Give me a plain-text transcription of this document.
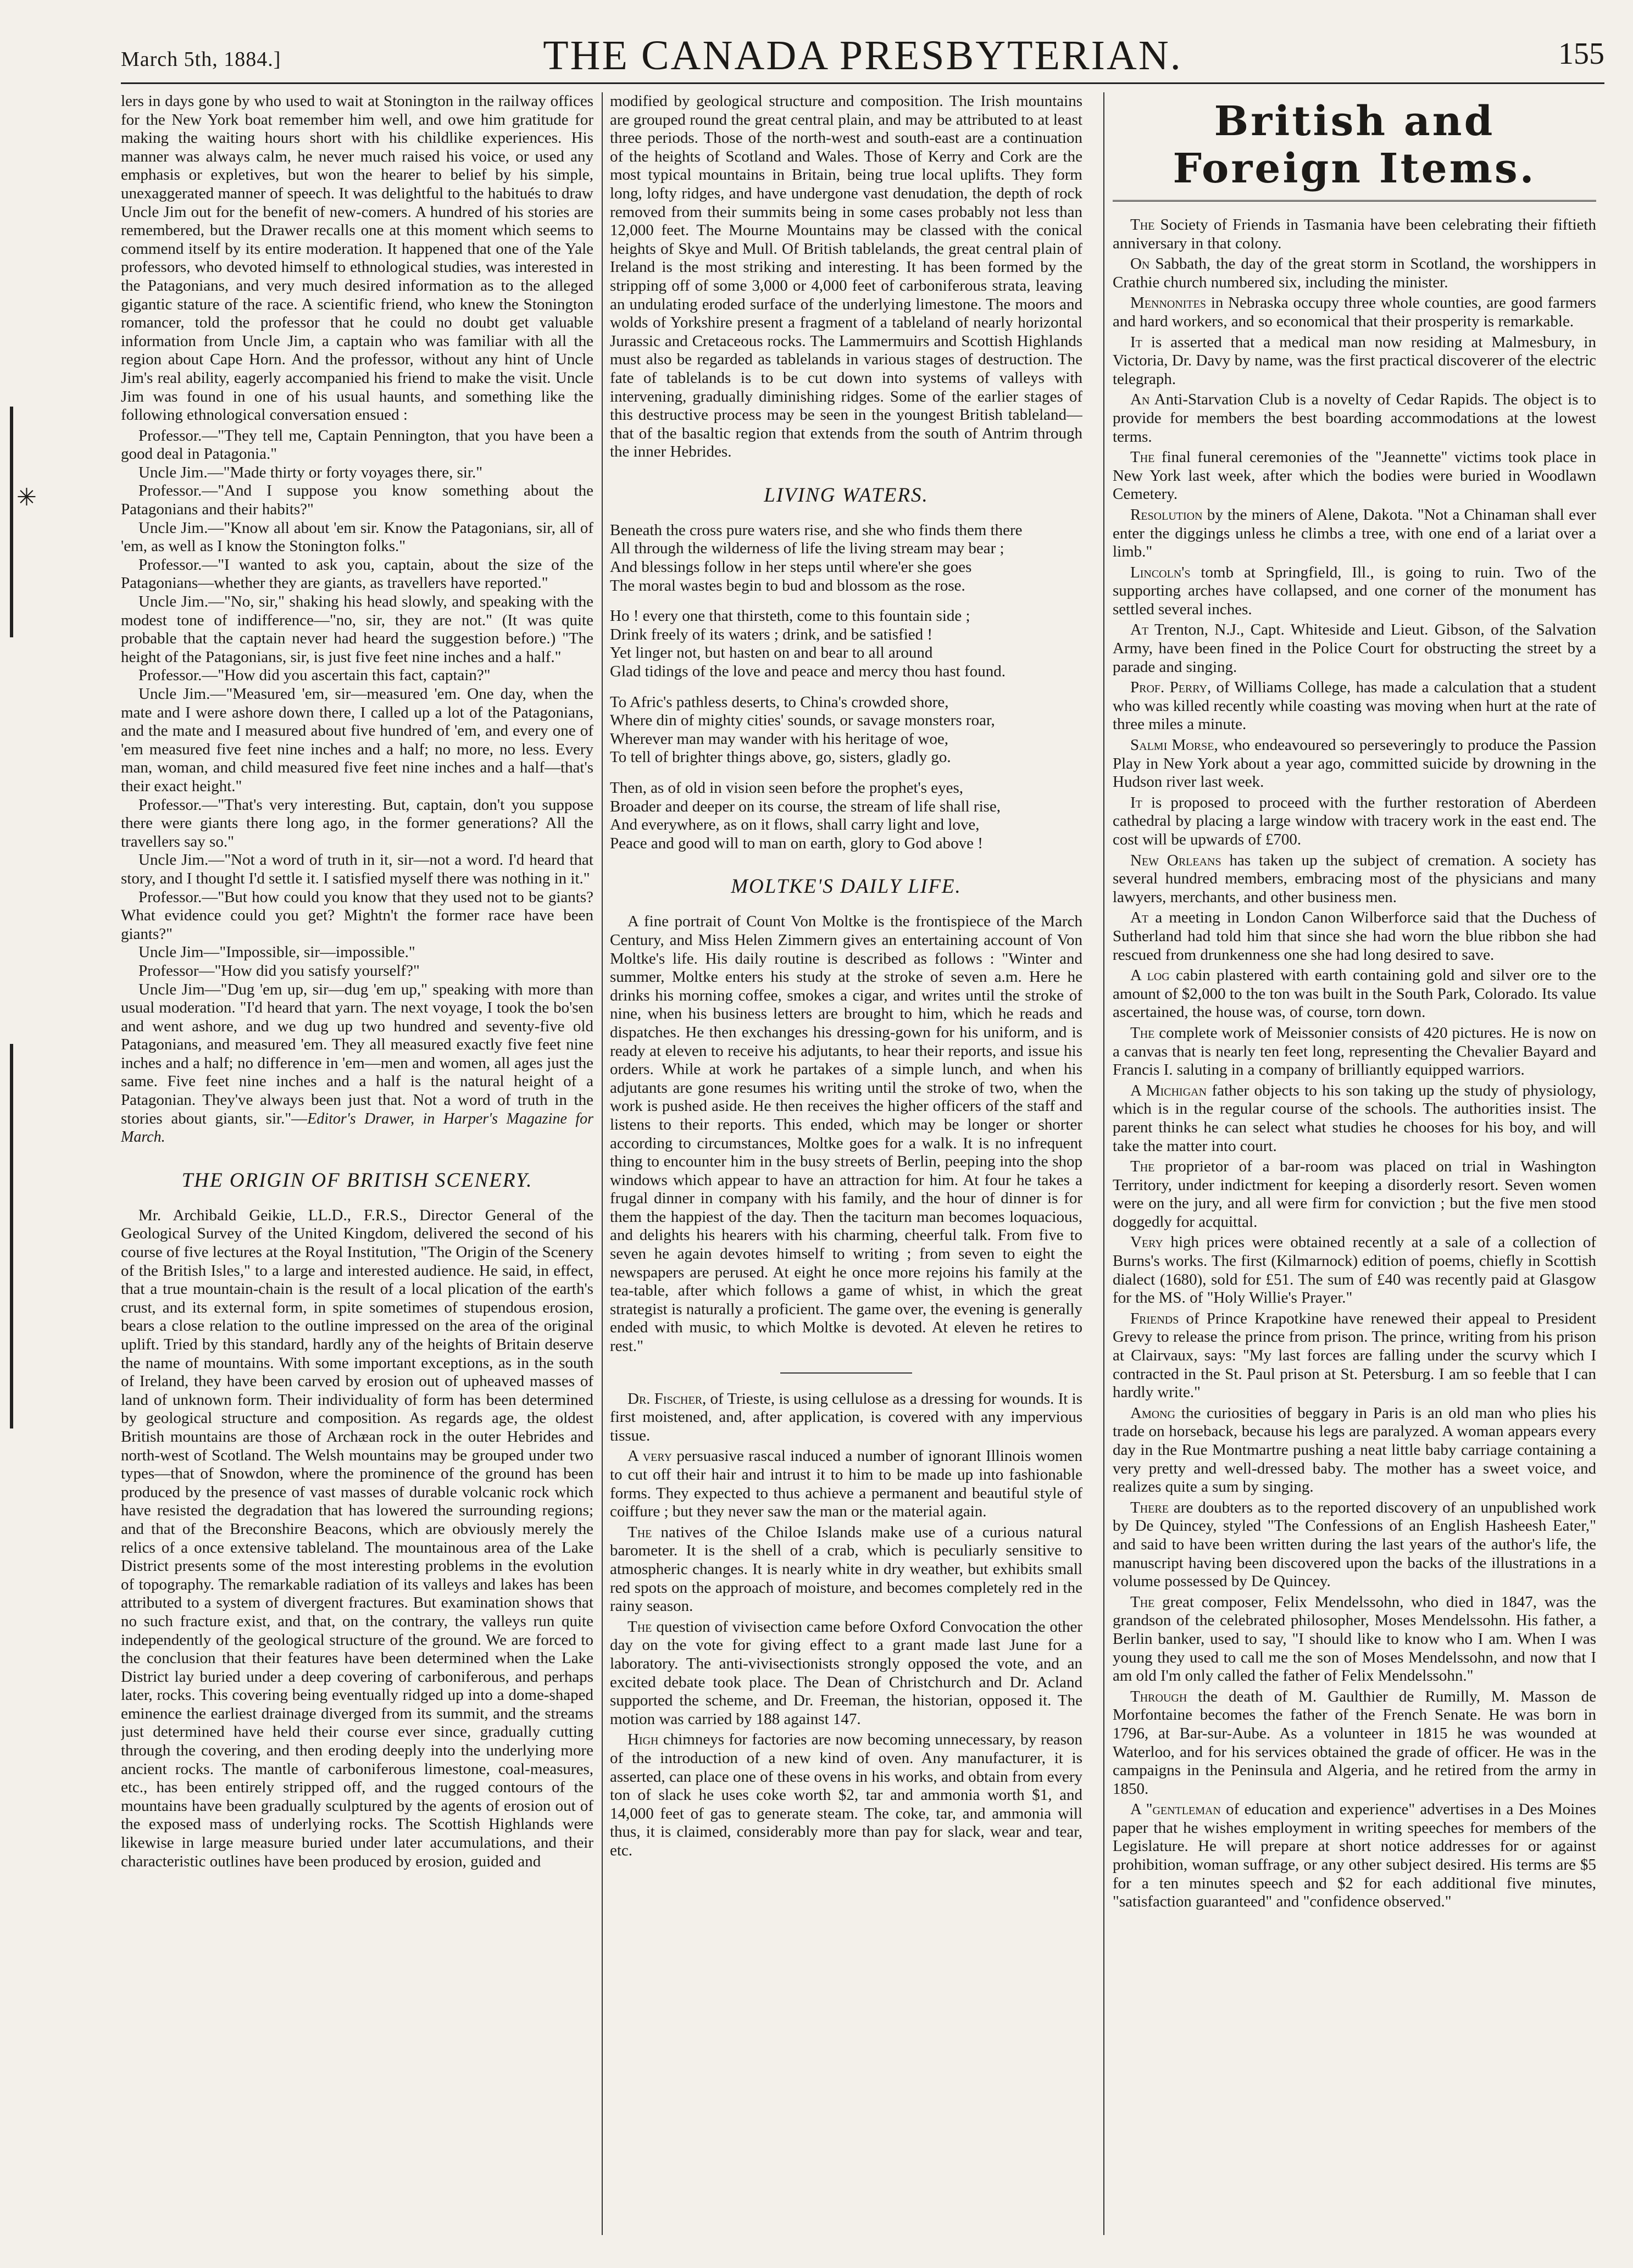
March 5th, 1884.]	THE CANADA PRESBYTERIAN.	155
✳

lers in days gone by who used to wait at Stonington in the railway offices for the New York boat remember him well, and owe him gratitude for making the waiting hours short with his childlike experiences. His manner was always calm, he never much raised his voice, or used any emphasis or expletives, but won the hearer to belief by his simple, unexaggerated manner of speech. It was delightful to the habitués to draw Uncle Jim out for the benefit of new-comers. A hundred of his stories are remembered, but the Drawer recalls one at this moment which seems to commend itself by its entire moderation. It happened that one of the Yale professors, who devoted himself to ethnological studies, was interested in the Patagonians, and very much desired information as to the alleged gigantic stature of the race. A scientific friend, who knew the Stonington romancer, told the professor that he could no doubt get valuable information from Uncle Jim, a captain who was familiar with all the region about Cape Horn. And the professor, without any hint of Uncle Jim's real ability, eagerly accompanied his friend to make the visit. Uncle Jim was found in one of his usual haunts, and something like the following ethnological conversation ensued :

Professor.—"They tell me, Captain Pennington, that you have been a good deal in Patagonia."
Uncle Jim.—"Made thirty or forty voyages there, sir."
Professor.—"And I suppose you know something about the Patagonians and their habits?"
Uncle Jim.—"Know all about 'em sir. Know the Patagonians, sir, all of 'em, as well as I know the Stonington folks."
Professor.—"I wanted to ask you, captain, about the size of the Patagonians—whether they are giants, as travellers have reported."
Uncle Jim.—"No, sir," shaking his head slowly, and speaking with the modest tone of indifference—"no, sir, they are not." (It was quite probable that the captain never had heard the suggestion before.) "The height of the Patagonians, sir, is just five feet nine inches and a half."
Professor.—"How did you ascertain this fact, captain?"
Uncle Jim.—"Measured 'em, sir—measured 'em. One day, when the mate and I were ashore down there, I called up a lot of the Patagonians, and the mate and I measured about five hundred of 'em, and every one of 'em measured five feet nine inches and a half; no more, no less. Every man, woman, and child measured five feet nine inches and a half—that's their exact height."
Professor.—"That's very interesting. But, captain, don't you suppose there were giants there long ago, in the former generations? All the travellers say so."
Uncle Jim.—"Not a word of truth in it, sir—not a word. I'd heard that story, and I thought I'd settle it. I satisfied myself there was nothing in it."
Professor.—"But how could you know that they used not to be giants? What evidence could you get? Mightn't the former race have been giants?"
Uncle Jim—"Impossible, sir—impossible."
Professor—"How did you satisfy yourself?"
Uncle Jim—"Dug 'em up, sir—dug 'em up," speaking with more than usual moderation. "I'd heard that yarn. The next voyage, I took the bo'sen and went ashore, and we dug up two hundred and seventy-five old Patagonians, and measured 'em. They all measured exactly five feet nine inches and a half; no difference in 'em—men and women, all ages just the same. Five feet nine inches and a half is the natural height of a Patagonian. They've always been just that. Not a word of truth in the stories about giants, sir."—Editor's Drawer, in Harper's Magazine for March.
THE ORIGIN OF BRITISH SCENERY.

Mr. Archibald Geikie, LL.D., F.R.S., Director General of the Geological Survey of the United Kingdom, delivered the second of his course of five lectures at the Royal Institution, "The Origin of the Scenery of the British Isles," to a large and interested audience. He said, in effect, that a true mountain-chain is the result of a local plication of the earth's crust, and its external form, in spite sometimes of stupendous erosion, bears a close relation to the outline impressed on the area of the original uplift. Tried by this standard, hardly any of the heights of Britain deserve the name of mountains. With some important exceptions, as in the south of Ireland, they have been carved by erosion out of upheaved masses of land of unknown form. Their individuality of form has been determined by geological structure and composition. As regards age, the oldest British mountains are those of Archæan rock in the outer Hebrides and north-west of Scotland. The Welsh mountains may be grouped under two types—that of Snowdon, where the prominence of the ground has been produced by the presence of vast masses of durable volcanic rock which have resisted the degradation that has lowered the surrounding regions; and that of the Breconshire Beacons, which are obviously merely the relics of a once extensive tableland. The mountainous area of the Lake District presents some of the most interesting problems in the evolution of topography. The remarkable radiation of its valleys and lakes has been attributed to a system of divergent fractures. But examination shows that no such fracture exist, and that, on the contrary, the valleys run quite independently of the geological structure of the ground. We are forced to the conclusion that their features have been determined when the Lake District lay buried under a deep covering of carboniferous, and perhaps later, rocks. This covering being eventually ridged up into a dome-shaped eminence the earliest drainage diverged from its summit, and the streams just determined have held their course ever since, gradually cutting through the covering, and then eroding deeply into the underlying more ancient rocks. The mantle of carboniferous limestone, coal-measures, etc., has been entirely stripped off, and the rugged contours of the mountains have been gradually sculptured by the agents of erosion out of the exposed mass of underlying rocks. The Scottish Highlands were likewise in large measure buried under later accumulations, and their characteristic outlines have been produced by erosion, guided and

modified by geological structure and composition. The Irish mountains are grouped round the great central plain, and may be attributed to at least three periods. Those of the north-west and south-east are a continuation of the heights of Scotland and Wales. Those of Kerry and Cork are the most typical mountains in Britain, being true local uplifts. They form long, lofty ridges, and have undergone vast denudation, the depth of rock removed from their summits being in some cases probably not less than 12,000 feet. The Mourne Mountains may be classed with the conical heights of Skye and Mull. Of British tablelands, the great central plain of Ireland is the most striking and interesting. It has been formed by the stripping off of some 3,000 or 4,000 feet of carboniferous strata, leaving an undulating eroded surface of the underlying limestone. The moors and wolds of Yorkshire present a fragment of a tableland of nearly horizontal Jurassic and Cretaceous rocks. The Lammermuirs and Scottish Highlands must also be regarded as tablelands in various stages of destruction. The fate of tablelands is to be cut down into systems of valleys with intervening, gradually diminishing ridges. Some of the earlier stages of this destructive process may be seen in the youngest British tableland—that of the basaltic region that extends from the south of Antrim through the inner Hebrides.

LIVING WATERS.
Beneath the cross pure waters rise, and she who finds them there
All through the wilderness of life the living stream may bear ;
And blessings follow in her steps until where'er she goes
The moral wastes begin to bud and blossom as the rose.
Ho ! every one that thirsteth, come to this fountain side ;
Drink freely of its waters ; drink, and be satisfied !
Yet linger not, but hasten on and bear to all around
Glad tidings of the love and peace and mercy thou hast found.
To Afric's pathless deserts, to China's crowded shore,
Where din of mighty cities' sounds, or savage monsters roar,
Wherever man may wander with his heritage of woe,
To tell of brighter things above, go, sisters, gladly go.
Then, as of old in vision seen before the prophet's eyes,
Broader and deeper on its course, the stream of life shall rise,
And everywhere, as on it flows, shall carry light and love,
Peace and good will to man on earth, glory to God above !
MOLTKE'S DAILY LIFE.

A fine portrait of Count Von Moltke is the frontispiece of the March Century, and Miss Helen Zimmern gives an entertaining account of Von Moltke's life. His daily routine is described as follows : "Winter and summer, Moltke enters his study at the stroke of seven a.m. Here he drinks his morning coffee, smokes a cigar, and writes until the stroke of nine, when his business letters are brought to him, which he reads and dispatches. He then exchanges his dressing-gown for his uniform, and is ready at eleven to receive his adjutants, to hear their reports, and issue his orders. While at work he partakes of a simple lunch, and when his adjutants are gone resumes his writing until the stroke of two, when the work is pushed aside. He then receives the higher officers of the staff and listens to their reports. This ended, which may be longer or shorter according to circumstances, Moltke goes for a walk. It is no infrequent thing to encounter him in the busy streets of Berlin, peeping into the shop windows which appear to have an attraction for him. At four he takes a frugal dinner in company with his family, and the hour of dinner is for them the happiest of the day. Then the taciturn man becomes loquacious, and delights his hearers with his charming, cheerful talk. From five to seven he again devotes himself to writing ; from seven to eight the newspapers are perused. At eight he once more rejoins his family at the tea-table, after which follows a game of whist, in which the great strategist is naturally a proficient. The game over, the evening is generally ended with music, to which Moltke is devoted. At eleven he retires to rest."

Dr. Fischer, of Trieste, is using cellulose as a dressing for wounds. It is first moistened, and, after application, is covered with any impervious tissue.

A very persuasive rascal induced a number of ignorant Illinois women to cut off their hair and intrust it to him to be made up into fashionable forms. They expected to thus achieve a permanent and beautiful style of coiffure ; but they never saw the man or the material again.

The natives of the Chiloe Islands make use of a curious natural barometer. It is the shell of a crab, which is peculiarly sensitive to atmospheric changes. It is nearly white in dry weather, but exhibits small red spots on the approach of moisture, and becomes completely red in the rainy season.

The question of vivisection came before Oxford Convocation the other day on the vote for giving effect to a grant made last June for a laboratory. The anti-vivisectionists strongly opposed the vote, and an excited debate took place. The Dean of Christchurch and Dr. Acland supported the scheme, and Dr. Freeman, the historian, opposed it. The motion was carried by 188 against 147.

High chimneys for factories are now becoming unnecessary, by reason of the introduction of a new kind of oven. Any manufacturer, it is asserted, can place one of these ovens in his works, and obtain from every ton of slack he uses coke worth $2, tar and ammonia worth $1, and 14,000 feet of gas to generate steam. The coke, tar, and ammonia will thus, it is claimed, considerably more than pay for slack, wear and tear, etc.

British and Foreign Items.

The Society of Friends in Tasmania have been celebrating their fiftieth anniversary in that colony.

On Sabbath, the day of the great storm in Scotland, the worshippers in Crathie church numbered six, including the minister.

Mennonites in Nebraska occupy three whole counties, are good farmers and hard workers, and so economical that their prosperity is remarkable.

It is asserted that a medical man now residing at Malmesbury, in Victoria, Dr. Davy by name, was the first practical discoverer of the electric telegraph.

An Anti-Starvation Club is a novelty of Cedar Rapids. The object is to provide for members the best boarding accommodations at the lowest terms.

The final funeral ceremonies of the "Jeannette" victims took place in New York last week, after which the bodies were buried in Woodlawn Cemetery.

Resolution by the miners of Alene, Dakota. "Not a Chinaman shall ever enter the diggings unless he climbs a tree, with one end of a lariat over a limb."

Lincoln's tomb at Springfield, Ill., is going to ruin. Two of the supporting arches have collapsed, and one corner of the monument has settled several inches.

At Trenton, N.J., Capt. Whiteside and Lieut. Gibson, of the Salvation Army, have been fined in the Police Court for obstructing the street by a parade and singing.

Prof. Perry, of Williams College, has made a calculation that a student who was killed recently while coasting was moving when hurt at the rate of three miles a minute.

Salmi Morse, who endeavoured so perseveringly to produce the Passion Play in New York about a year ago, committed suicide by drowning in the Hudson river last week.

It is proposed to proceed with the further restoration of Aberdeen cathedral by placing a large window with tracery work in the east end. The cost will be upwards of £700.

New Orleans has taken up the subject of cremation. A society has several hundred members, embracing most of the physicians and many lawyers, merchants, and other business men.

At a meeting in London Canon Wilberforce said that the Duchess of Sutherland had told him that since she had worn the blue ribbon she had rescued from drunkenness one she had long desired to save.

A log cabin plastered with earth containing gold and silver ore to the amount of $2,000 to the ton was built in the South Park, Colorado. Its value ascertained, the house was, of course, torn down.

The complete work of Meissonier consists of 420 pictures. He is now on a canvas that is nearly ten feet long, representing the Chevalier Bayard and Francis I. saluting in a company of brilliantly equipped warriors.

A Michigan father objects to his son taking up the study of physiology, which is in the regular course of the schools. The authorities insist. The parent thinks he can select what studies he chooses for his boy, and will take the matter into court.

The proprietor of a bar-room was placed on trial in Washington Territory, under indictment for keeping a disorderly resort. Seven women were on the jury, and all were firm for conviction ; but the five men stood doggedly for acquittal.

Very high prices were obtained recently at a sale of a collection of Burns's works. The first (Kilmarnock) edition of poems, chiefly in Scottish dialect (1680), sold for £51. The sum of £40 was recently paid at Glasgow for the MS. of "Holy Willie's Prayer."

Friends of Prince Krapotkine have renewed their appeal to President Grevy to release the prince from prison. The prince, writing from his prison at Clairvaux, says: "My last forces are falling under the scurvy which I contracted in the St. Paul prison at St. Petersburg. I am so feeble that I can hardly write."

Among the curiosities of beggary in Paris is an old man who plies his trade on horseback, because his legs are paralyzed. A woman appears every day in the Rue Montmartre pushing a neat little baby carriage containing a very pretty and well-dressed baby. The mother has a sweet voice, and realizes quite a sum by singing.

There are doubters as to the reported discovery of an unpublished work by De Quincey, styled "The Confessions of an English Hasheesh Eater," and said to have been written during the last years of the author's life, the manuscript having been discovered upon the backs of the illustrations in a volume possessed by De Quincey.

The great composer, Felix Mendelssohn, who died in 1847, was the grandson of the celebrated philosopher, Moses Mendelssohn. His father, a Berlin banker, used to say, "I should like to know who I am. When I was young they used to call me the son of Moses Mendelssohn, and now that I am old I'm only called the father of Felix Mendelssohn."

Through the death of M. Gaulthier de Rumilly, M. Masson de Morfontaine becomes the father of the French Senate. He was born in 1796, at Bar-sur-Aube. As a volunteer in 1815 he was wounded at Waterloo, and for his services obtained the grade of officer. He was in the campaigns in the Peninsula and Algeria, and he retired from the army in 1850.

A "gentleman of education and experience" advertises in a Des Moines paper that he wishes employment in writing speeches for members of the Legislature. He will prepare at short notice addresses for or against prohibition, woman suffrage, or any other subject desired. His terms are $5 for a ten minutes speech and $2 for each additional five minutes, "satisfaction guaranteed" and "confidence observed."
